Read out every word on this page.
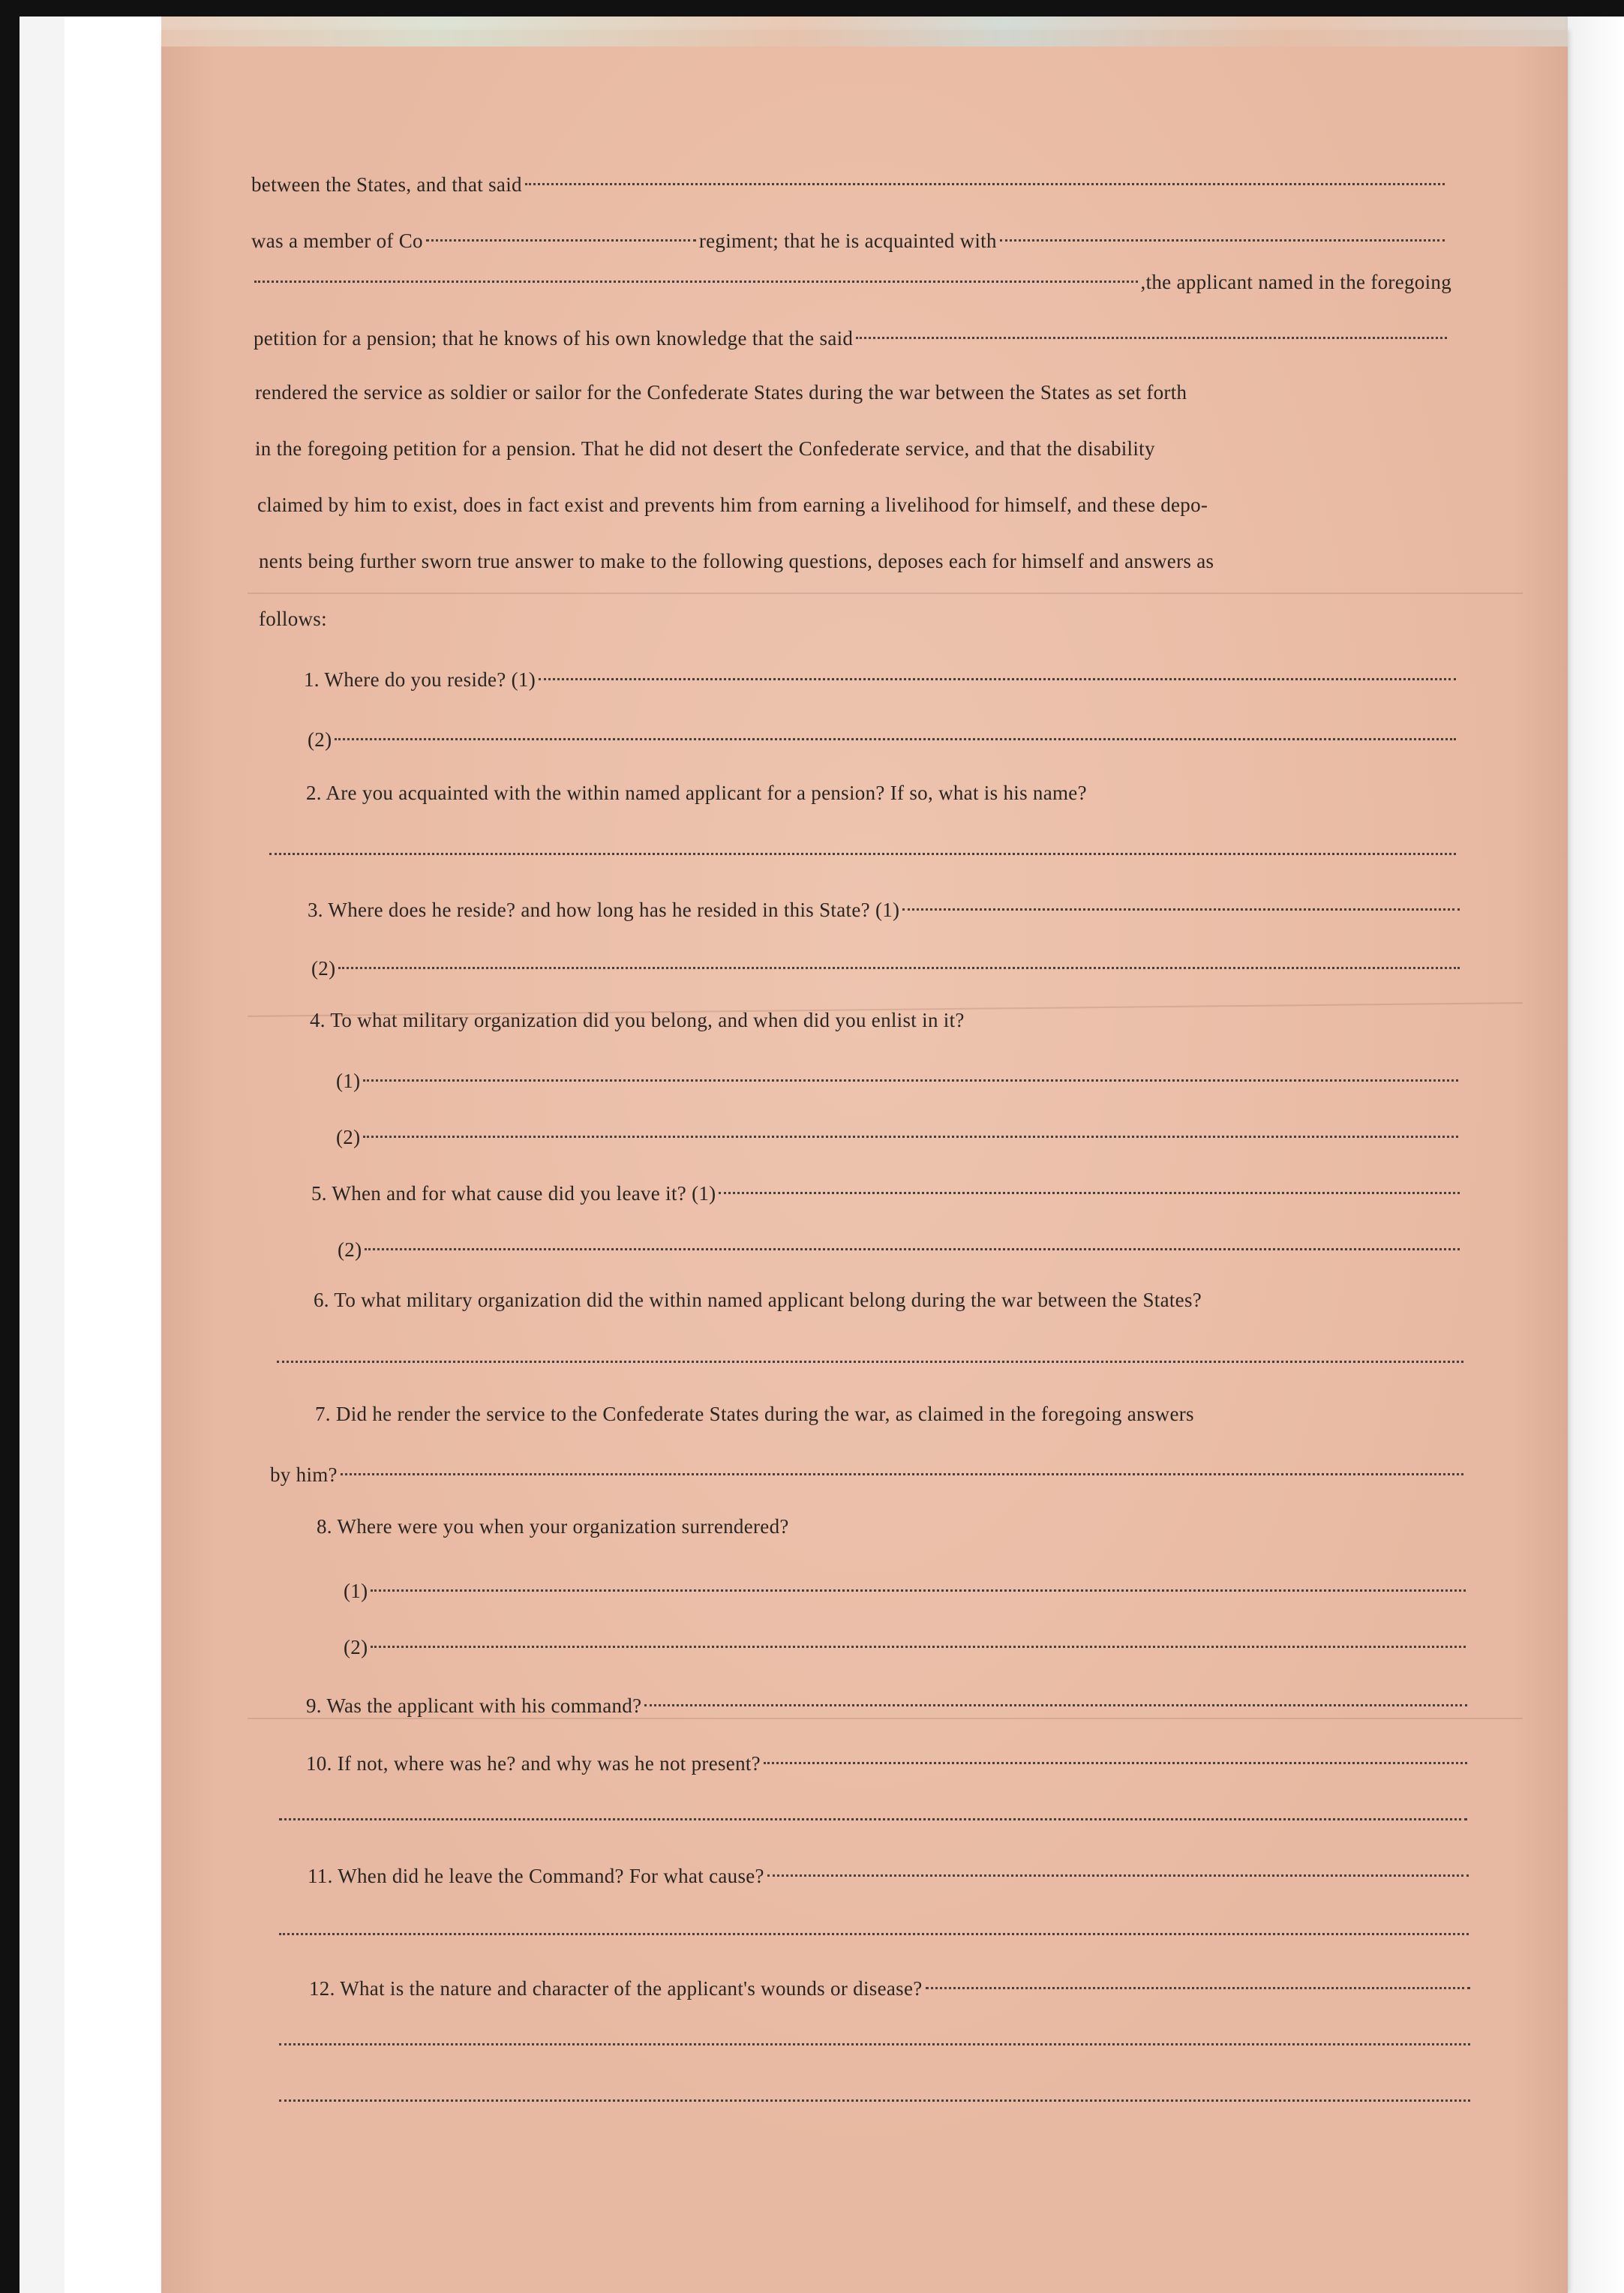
between the States, and that said
was a member of Co	regiment; that he is acquainted with
,the applicant named in the foregoing
petition for a pension; that he knows of his own knowledge that the said
rendered the service as soldier or sailor for the Confederate States during the war between the States as set forth
in the foregoing petition for a pension. That he did not desert the Confederate service, and that the disability
claimed by him to exist, does in fact exist and prevents him from earning a livelihood for himself, and these depo-
nents being further sworn true answer to make to the following questions, deposes each for himself and answers as
follows:
1. Where do you reside? (1)
(2)
2. Are you acquainted with the within named applicant for a pension? If so, what is his name?
3. Where does he reside? and how long has he resided in this State? (1)
(2)
4. To what military organization did you belong, and when did you enlist in it?
(1)
(2)
5. When and for what cause did you leave it? (1)
(2)
6. To what military organization did the within named applicant belong during the war between the States?
7. Did he render the service to the Confederate States during the war, as claimed in the foregoing answers
by him?
8. Where were you when your organization surrendered?
(1)
(2)
9. Was the applicant with his command?
10. If not, where was he? and why was he not present?
11. When did he leave the Command? For what cause?
12. What is the nature and character of the applicant's wounds or disease?
